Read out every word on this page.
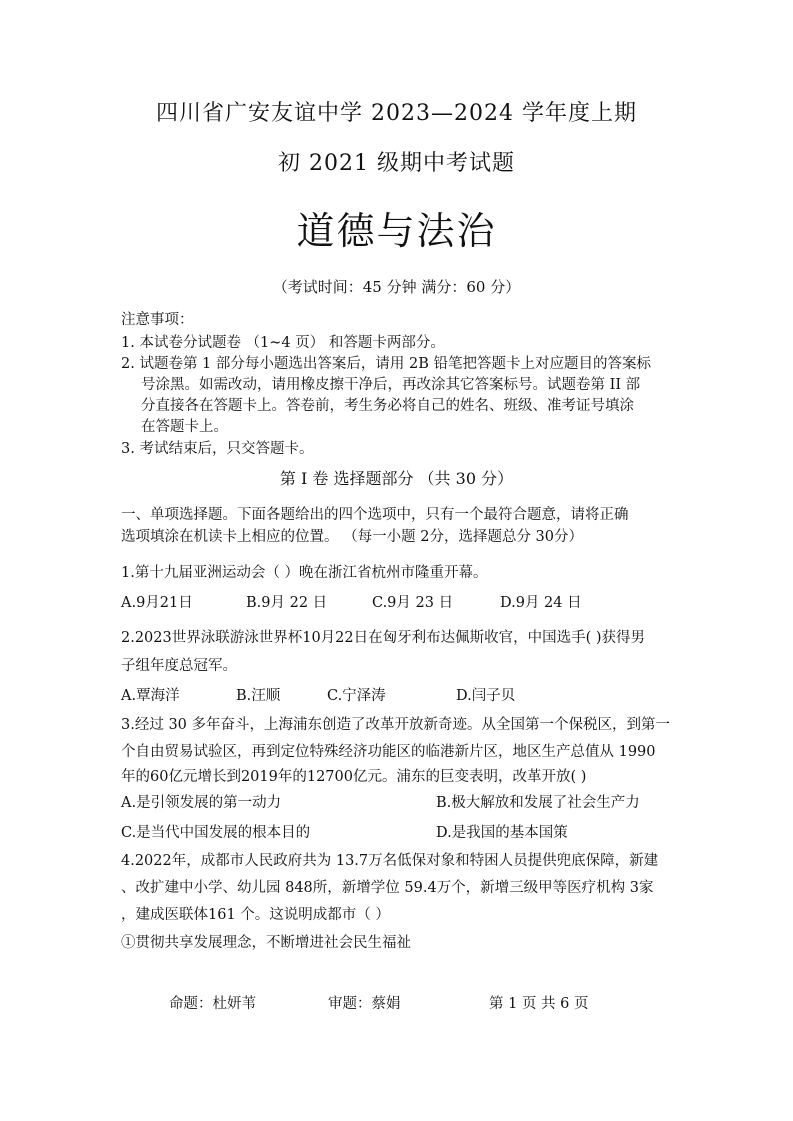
四川省广安友谊中学 2023—2024 学年度上期
初 2021 级期中考试题
道德与法治
（考试时间：45 分钟 满分：60 分）
注意事项：
1. 本试卷分试题卷 （1~4 页） 和答题卡两部分。
2. 试题卷第 1 部分每小题选出答案后，请用 2B 铅笔把答题卡上对应题目的答案标
号涂黑。如需改动，请用橡皮擦干净后，再改涂其它答案标号。试题卷第 II 部
分直接各在答题卡上。答卷前，考生务必将自己的姓名、班级、准考证号填涂
在答题卡上。
3. 考试结束后，只交答题卡。
第 I 卷 选择题部分 （共 30 分）
一、单项选择题。下面各题给出的四个选项中，只有一个最符合题意，请将正确
选项填涂在机读卡上相应的位置。 （每一小题 2分，选择题总分 30分）
1.第十九届亚洲运动会（ ）晚在浙江省杭州市隆重开幕。
A.9月21日	B.9月 22 日	C.9月 23 日	D.9月 24 日
2.2023世界泳联游泳世界杯10月22日在匈牙利布达佩斯收官，中国选手( )获得男
子组年度总冠军。
A.覃海洋	B.汪顺	C.宁泽涛	D.闫子贝
3.经过 30 多年奋斗，上海浦东创造了改革开放新奇迹。从全国第一个保税区，到第一
个自由贸易试验区，再到定位特殊经济功能区的临港新片区，地区生产总值从 1990
年的60亿元增长到2019年的12700亿元。浦东的巨变表明，改革开放( )
A.是引领发展的第一动力	B.极大解放和发展了社会生产力
C.是当代中国发展的根本目的	D.是我国的基本国策
4.2022年，成都市人民政府共为 13.7万名低保对象和特困人员提供兜底保障，新建
、改扩建中小学、幼儿园 848所，新增学位 59.4万个，新增三级甲等医疗机构 3家
，建成医联体161 个。这说明成都市（ ）
①贯彻共享发展理念，不断增进社会民生福祉
命题：杜妍苇	审题：蔡娟	第 1 页 共 6 页
